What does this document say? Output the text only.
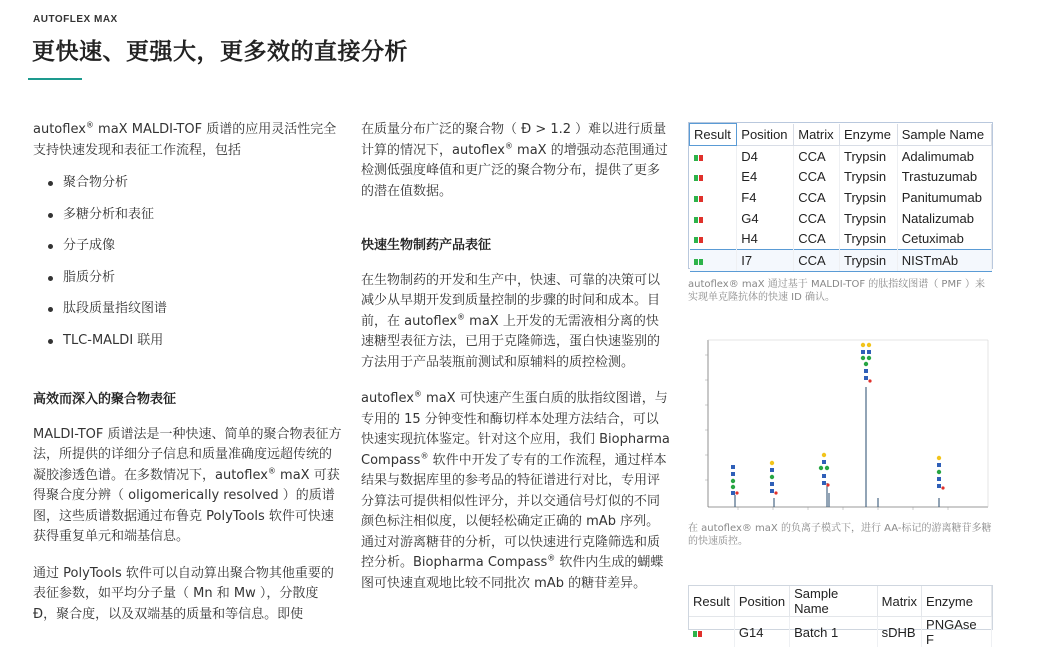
AUTOFLEX MAX
更快速、更强大，更多效的直接分析

autoflex® maX MALDI-TOF 质谱的应用灵活性完全支持快速发现和表征工作流程，包括

聚合物分析
多糖分析和表征
分子成像
脂质分析
肽段质量指纹图谱
TLC-MALDI 联用

高效而深入的聚合物表征

MALDI-TOF 质谱法是一种快速、简单的聚合物表征方法，所提供的详细分子信息和质量准确度远超传统的凝胶渗透色谱。在多数情况下，autoflex® maX 可获得聚合度分辨（ oligomerically resolved ）的质谱图，这些质谱数据通过布鲁克 PolyTools 软件可快速获得重复单元和端基信息。

通过 PolyTools 软件可以自动算出聚合物其他重要的表征参数，如平均分子量（ Mn 和 Mw ），分散度 Đ，聚合度，以及双端基的质量和等信息。即使

在质量分布广泛的聚合物（ Đ > 1.2 ）难以进行质量计算的情况下，autoflex® maX 的增强动态范围通过检测低强度峰值和更广泛的聚合物分布，提供了更多的潜在值数据。

快速生物制药产品表征

在生物制药的开发和生产中，快速、可靠的决策可以减少从早期开发到质量控制的步骤的时间和成本。目前，在 autoflex® maX 上开发的无需液相分离的快速糖型表征方法，已用于克隆筛选，蛋白快速鉴别的方法用于产品装瓶前测试和原辅料的质控检测。

autoflex® maX 可快速产生蛋白质的肽指纹图谱，与专用的 15 分钟变性和酶切样本处理方法结合，可以快速实现抗体鉴定。针对这个应用，我们 Biopharma Compass® 软件中开发了专有的工作流程，通过样本结果与数据库里的参考品的特征谱进行对比，专用评分算法可提供相似性评分，并以交通信号灯似的不同颜色标注相似度，以便轻松确定正确的 mAb 序列。通过对游离糖苷的分析，可以快速进行克隆筛选和质控分析。Biopharma Compass® 软件内生成的蝴蝶图可快速直观地比较不同批次 mAb 的糖苷差异。

Result	Position	Matrix	Enzyme	Sample Name

	D4	CCA	Trypsin	Adalimumab

	E4	CCA	Trypsin	Trastuzumab

	F4	CCA	Trypsin	Panitumumab

	G4	CCA	Trypsin	Natalizumab

	H4	CCA	Trypsin	Cetuximab

	I7	CCA	Trypsin	NISTmAb
autoflex® maX 通过基于 MALDI-TOF 的肽指纹图谱（ PMF ）来实现单克隆抗体的快速 ID 确认。
在 autoflex® maX 的负离子模式下，进行 AA-标记的游离糖苷多糖的快速质控。
Result	Position	Sample Name	Matrix	Enzyme

	G14	Batch 1	sDHB	PNGAse F
